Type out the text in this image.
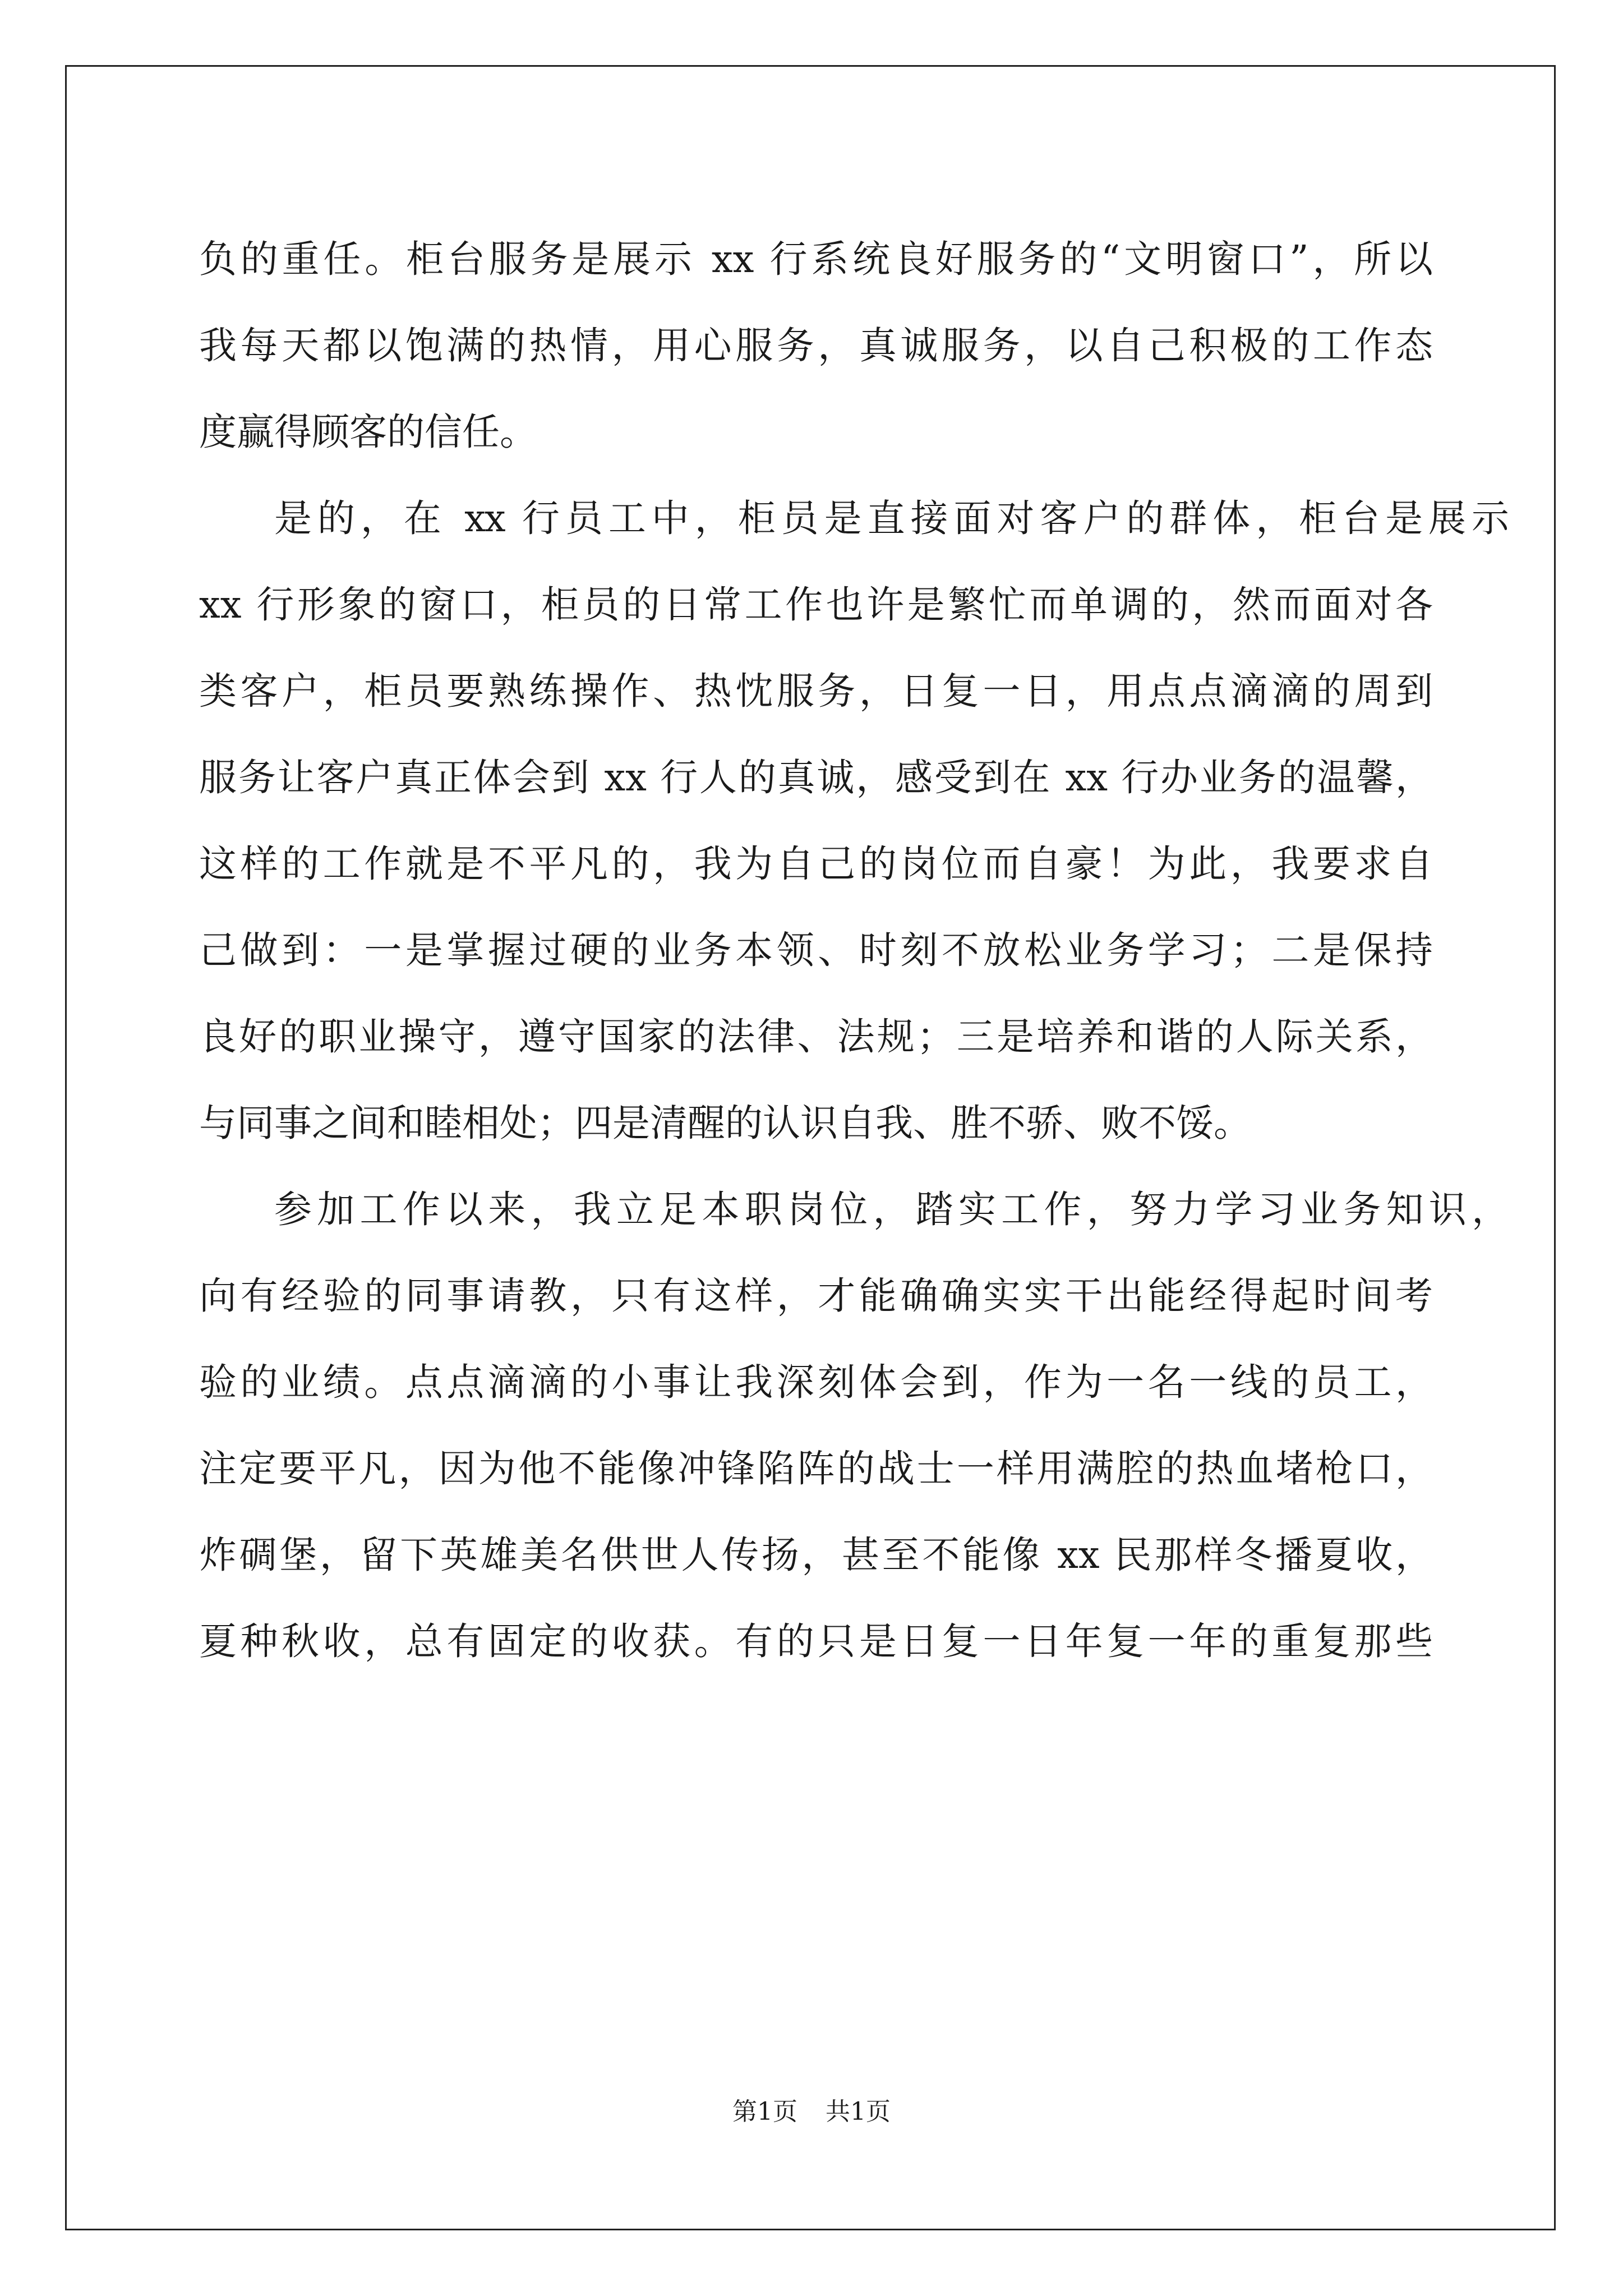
负的重任。柜台服务是展示 xx 行系统良好服务的“文明窗口”，所以
我每天都以饱满的热情，用心服务，真诚服务，以自己积极的工作态
度赢得顾客的信任。
是的，在 xx 行员工中，柜员是直接面对客户的群体，柜台是展示
xx 行形象的窗口，柜员的日常工作也许是繁忙而单调的，然而面对各
类客户，柜员要熟练操作、热忱服务，日复一日，用点点滴滴的周到
服务让客户真正体会到 xx 行人的真诚，感受到在 xx 行办业务的温馨，
这样的工作就是不平凡的，我为自己的岗位而自豪！为此，我要求自
己做到：一是掌握过硬的业务本领、时刻不放松业务学习；二是保持
良好的职业操守，遵守国家的法律、法规；三是培养和谐的人际关系，
与同事之间和睦相处；四是清醒的认识自我、胜不骄、败不馁。
参加工作以来，我立足本职岗位，踏实工作，努力学习业务知识，
向有经验的同事请教，只有这样，才能确确实实干出能经得起时间考
验的业绩。点点滴滴的小事让我深刻体会到，作为一名一线的员工，
注定要平凡，因为他不能像冲锋陷阵的战士一样用满腔的热血堵枪口，
炸碉堡，留下英雄美名供世人传扬，甚至不能像 xx 民那样冬播夏收，
夏种秋收，总有固定的收获。有的只是日复一日年复一年的重复那些
第1页 共1页
